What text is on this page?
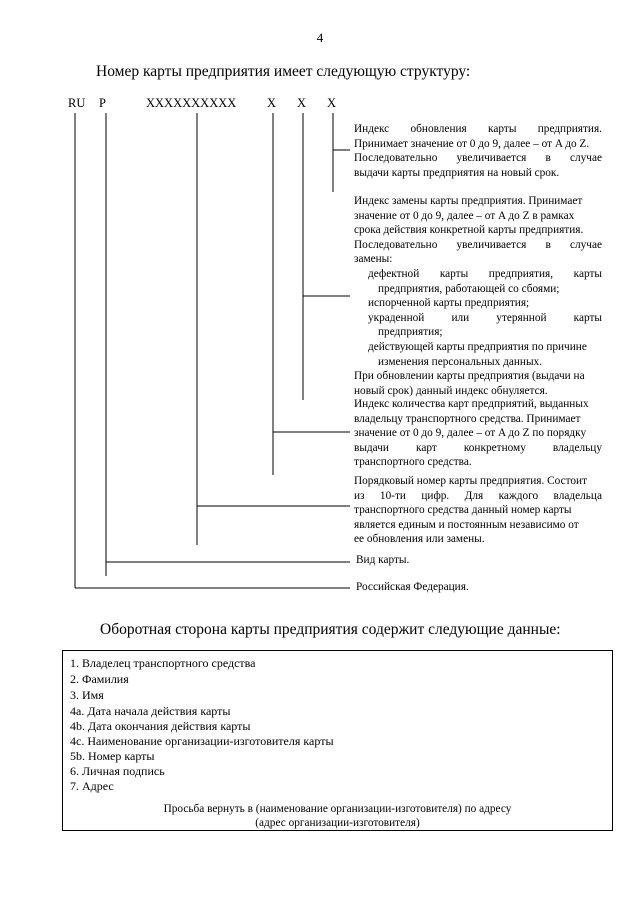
4
Номер карты предприятия имеет следующую структуру:
RU P	XXXXXXXXXX X X X

Индекс обновления карты предприятия.

Принимает значение от 0 до 9, далее – от A до Z.

Последовательно увеличивается в случае

выдачи карты предприятия на новый срок.

Индекс замены карты предприятия. Принимает

значение от 0 до 9, далее – от A до Z в рамках

срока действия конкретной карты предприятия.

Последовательно увеличивается в случае

замены:

дефектной карты предприятия, карты

предприятия, работающей со сбоями;

испорченной карты предприятия;

украденной или утерянной карты

предприятия;

действующей карты предприятия по причине

изменения персональных данных.

При обновлении карты предприятия (выдачи на

новый срок) данный индекс обнуляется.

Индекс количества карт предприятий, выданных

владельцу транспортного средства. Принимает

значение от 0 до 9, далее – от A до Z по порядку

выдачи карт конкретному владельцу

транспортного средства.

Порядковый номер карты предприятия. Состоит

из 10-ти цифр. Для каждого владельца

транспортного средства данный номер карты

является единым и постоянным независимо от

ее обновления или замены.

Вид карты.
Российская Федерация.
Оборотная сторона карты предприятия содержит следующие данные:
1. Владелец транспортного средства
2. Фамилия
3. Имя
4a. Дата начала действия карты
4b. Дата окончания действия карты
4c. Наименование организации-изготовителя карты
5b. Номер карты
6. Личная подпись
7. Адрес
Просьба вернуть в (наименование организации-изготовителя) по адресу
(адрес организации-изготовителя)
